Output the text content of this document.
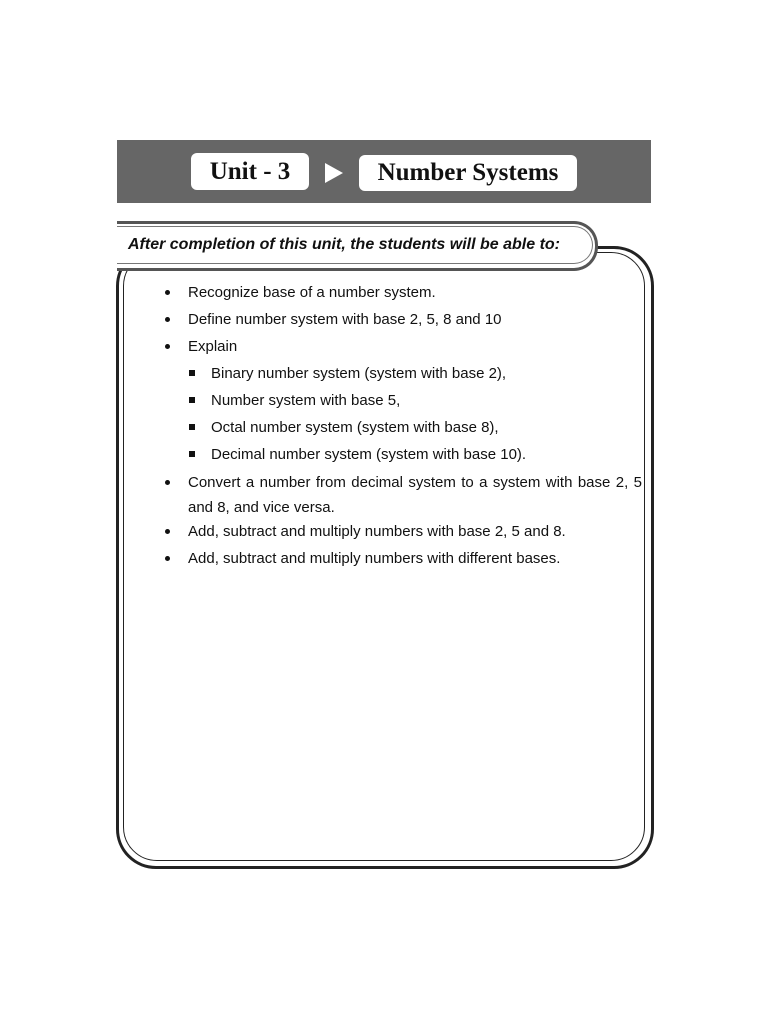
Unit - 3	Number Systems
After completion of this unit, the students will be able to:
Recognize base of a number system.
Define number system with base 2, 5, 8 and 10
Explain
Binary number system (system with base 2),
Number system with base 5,
Octal number system (system with base 8),
Decimal number system (system with base 10).
Convert a number from decimal system to a system with base 2, 5 and 8, and vice versa.
Add, subtract and multiply numbers with base 2, 5 and 8.
Add, subtract and multiply numbers with different bases.
